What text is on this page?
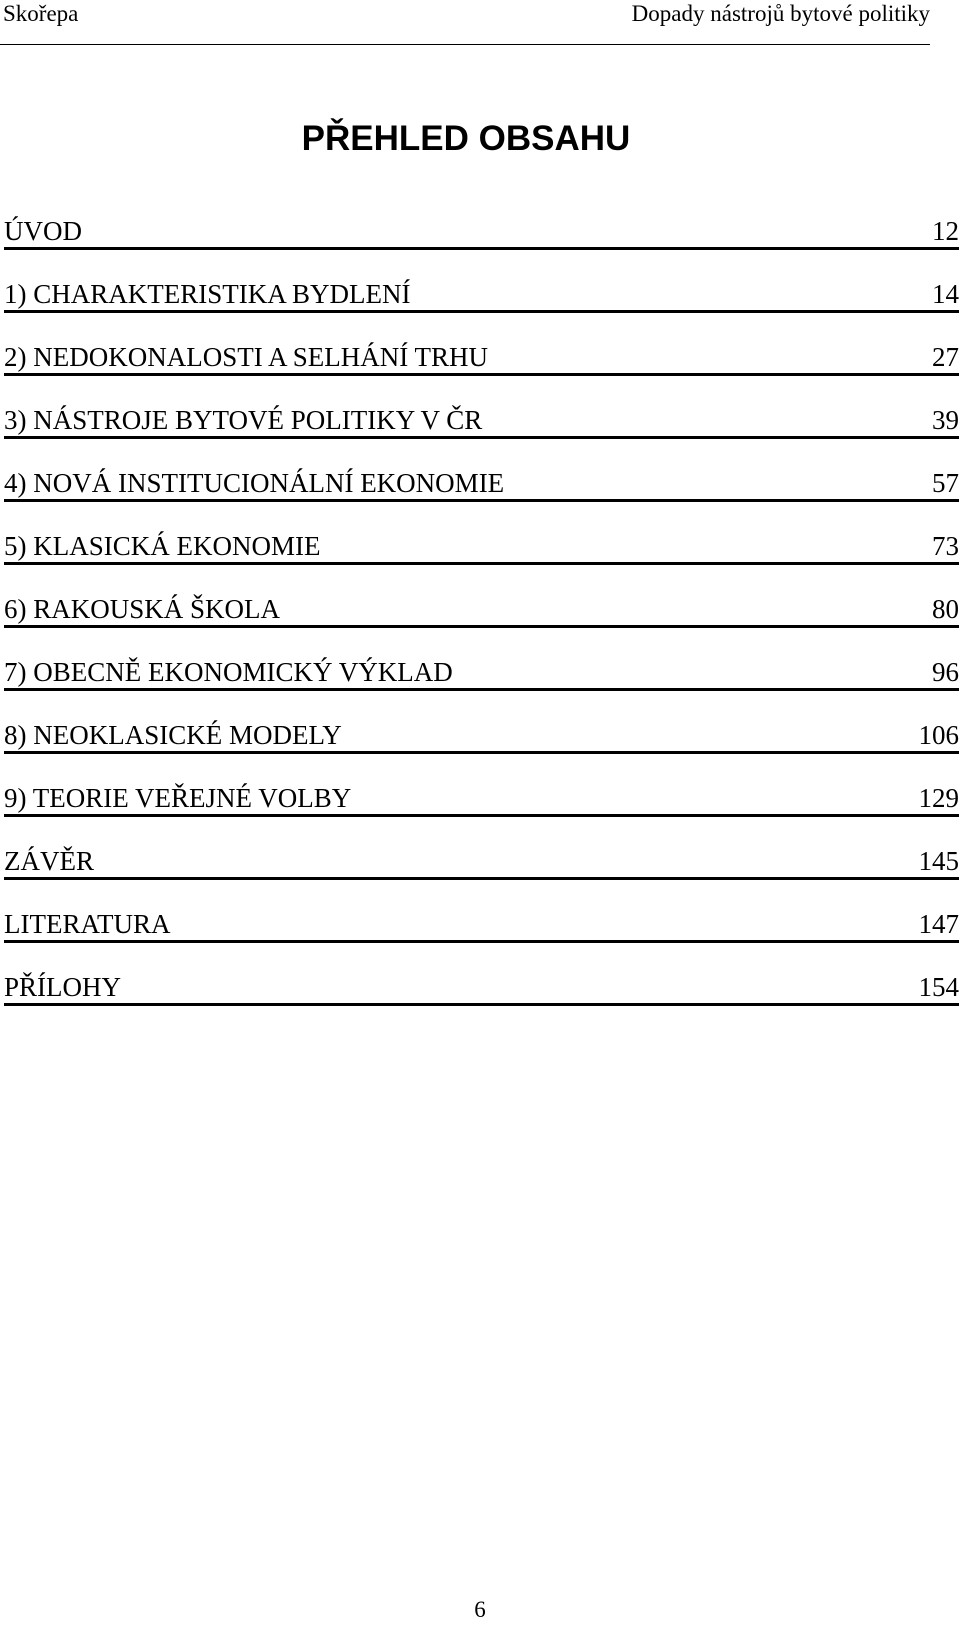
Skořepa	Dopady nástrojů bytové politiky
PŘEHLED OBSAHU
ÚVOD	12
1) CHARAKTERISTIKA BYDLENÍ	14
2) NEDOKONALOSTI A SELHÁNÍ TRHU	27
3) NÁSTROJE BYTOVÉ POLITIKY V ČR	39
4) NOVÁ INSTITUCIONÁLNÍ EKONOMIE	57
5) KLASICKÁ EKONOMIE	73
6) RAKOUSKÁ ŠKOLA	80
7) OBECNĚ EKONOMICKÝ VÝKLAD	96
8) NEOKLASICKÉ MODELY	106
9) TEORIE VEŘEJNÉ VOLBY	129
ZÁVĚR	145
LITERATURA	147
PŘÍLOHY	154
6
